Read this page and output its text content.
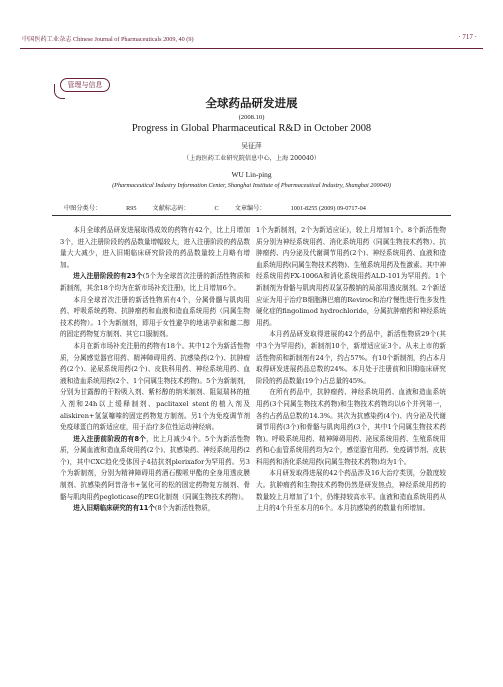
中国医药工业杂志 Chinese Journal of Pharmaceuticals 2009, 40 (9)	· 717 ·
管理与信息
全球药品研发进展
(2008.10)
Progress in Global Pharmaceutical R&D in October 2008
吴征萍
（上海医药工业研究院信息中心，上海 200040）
WU Lin-ping
(Pharmaceutical Industry Information Center, Shanghai Institute of Pharmaceutical Industry, Shanghai 200040)
中图分类号：	R95	文献标志码：	C	文章编号：	1001-8255 (2009) 09-0717-04

本月全球药品研发进展取得成效的药物有42个，比上月增加3个，进入注册阶段的药品数量增幅较大，进入注册阶段的药品数量大大减少，进入旧期临床研究阶段的药品数量较上月略有增加。

进入注册阶段的有23个(5个为全球首次注册的新活性物质和新制剂，其余18个均为在新市场补充注册)，比上月增加6个。

本月全球首次注册的新活性物质有4个，分属骨髓与肌肉用药、呼吸系统药物、抗肿瘤药和血液和造血系统用药（同属生物技术药物）。1个为新制剂，即用于女性避孕的地诺孕素和雌二醇的固定药物复方制剂、其它口服制剂。

本月在新市场补充注册的药物有18个。其中12个为新活性物质，分属感觉器官用药、精神障碍用药、抗感染药(2个)、抗肿瘤药(2个)、泌尿系统用药(2个)、皮肤科用药、神经系统用药、血液和造血系统用药(2个、1个同属生物技术药物)。5个为新制剂，分别为甘露醇的干粉吸入剂、紫杉醇的纳米制剂、阻氮瑞林的植入剂和24h以上缓释制剂、paclitaxel stent的植入剂及aliskiren+氢氯噻嗪的固定药物复方制剂。另1个为免疫调节剂免疫球蛋白的新适应症，用于治疗多位性运动神经病。

进入注册前阶段的有8个，比上月减少4个。5个为新活性物质，分属血液和造血系统用药(2个)、抗感染药、神经系统用药(2个)，其中CXC趋化受体因子4拮抗剂plerixafor为罕用药。另3个为新制剂，分别为精神障碍用药酒石酸哌甲酯的全身用透皮膜制剂、抗感染药阿昔洛韦+氢化可的松的固定药物复方制剂、骨骼与肌肉用药pegloticase的PEG化制剂（同属生物技术药物）。

进入旧期临床研究的有11个(8个为新活性物质，

1个为新制剂，2个为新适应证)，较上月增加1个。8个新活性物质分别为神经系统用药、消化系统用药（同属生物技术药物）、抗肿瘤药、内分泌及代谢调节用药(2个)、神经系统用药、血液和造血系统用药(同属生物技术药物)、生殖系统用药及性激素。其中神经系统用药FX-1006A和消化系统用药ALD-101为罕用药。1个新制剂为骨骼与肌肉用药双氯芬酸钠的局部用透皮制剂。2个新适应证为用于治疗B细胞淋巴瘤的Reviroc和治疗慢性进行性多发性硬化症的fingolimod hydrochloride，分属抗肿瘤药和神经系统用药。

本月药品研发取得进展的42个药品中，新活性物质29个(其中3个为罕用药)，新制剂10个，新增适应证3个。从未上市的新活性物质和新制剂有24个，约占57%。有10个新制剂，约占本月取得研发进展药品总数的24%。本月处于注册前和旧期临床研究阶段的药品数量(19个)占总量的45%。

在所有药品中，抗肿瘤药、神经系统用药、血液和造血系统用药(3个同属生物技术药物)和生物技术药物均以6个并列第一，各约占药品总数的14.3%。其次为抗感染药(4个)、内分泌及代谢调节用药(3个)和骨骼与肌肉用药(3个，其中1个同属生物技术药物)。呼吸系统用药、精神障碍用药、泌尿系统用药、生殖系统用药和心血管系统用药均为2个，感觉器官用药、免疫调节剂、皮肤科用药和消化系统用药(同属生物技术药物)均为1个。

本月研发取得进展的42个药品涉及16大治疗类别，分散度较大。抗肿瘤药和生物技术药物仍然是研发热点，神经系统用药的数量较上月增加了1个，仍维持较高水平。血液和造血系统用药从上月的4个升至本月的6个。本月抗感染药的数量有所增加。
